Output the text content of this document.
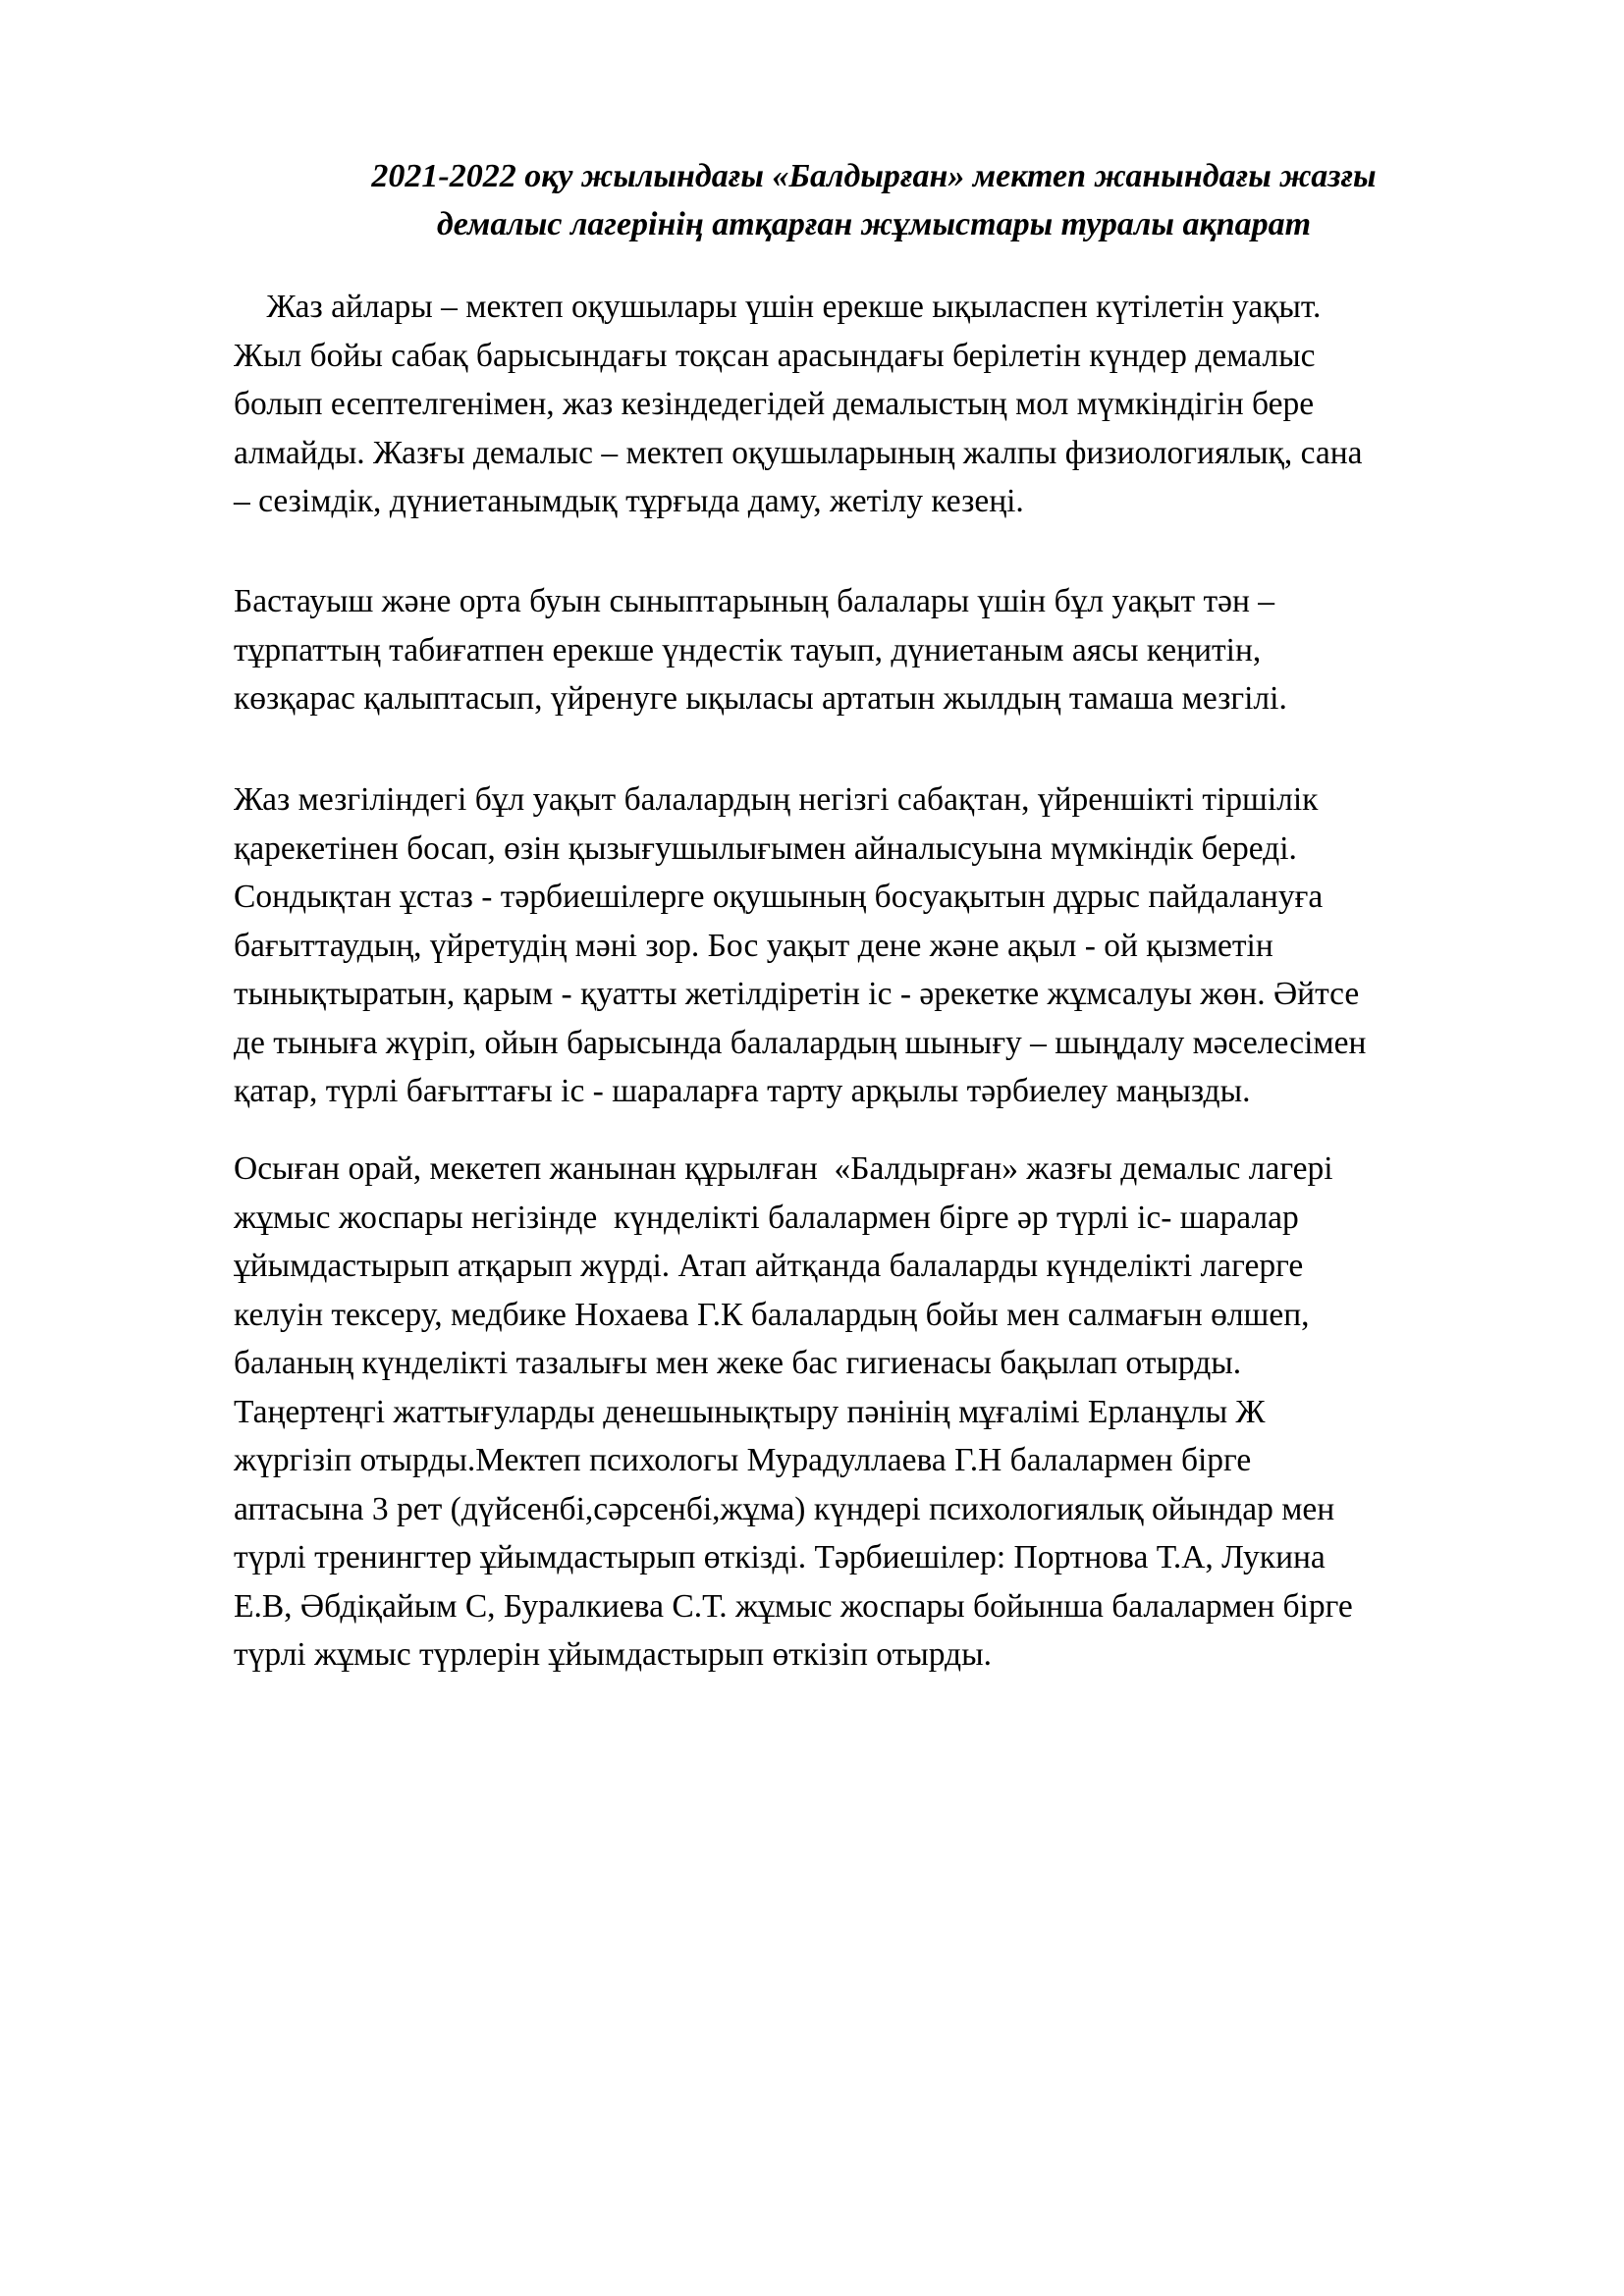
2021-2022 оқу жылындағы «Балдырған» мектеп жанындағы жазғы
демалыс лагерінің атқарған жұмыстары туралы ақпарат
Жаз айлары – мектеп оқушылары үшін ерекше ықыласпен күтілетін уақыт.
Жыл бойы сабақ барысындағы тоқсан арасындағы берілетін күндер демалыс
болып есептелгенімен, жаз кезіндедегідей демалыстың мол мүмкіндігін бере
алмайды. Жазғы демалыс – мектеп оқушыларының жалпы физиологиялық, сана
– сезімдік, дүниетанымдық тұрғыда даму, жетілу кезеңі.
Бастауыш және орта буын сыныптарының балалары үшін бұл уақыт тән –
тұрпаттың табиғатпен ерекше үндестік тауып, дүниетаным аясы кеңитін,
көзқарас қалыптасып, үйренуге ықыласы артатын жылдың тамаша мезгілі.
Жаз мезгіліндегі бұл уақыт балалардың негізгі сабақтан, үйреншікті тіршілік
қарекетінен босап, өзін қызығушылығымен айналысуына мүмкіндік береді.
Сондықтан ұстаз - тәрбиешілерге оқушының босуақытын дұрыс пайдалануға
бағыттаудың, үйретудің мәні зор. Бос уақыт дене және ақыл - ой қызметін
тынықтыратын, қарым - қуатты жетілдіретін іс - әрекетке жұмсалуы жөн. Әйтсе
де тынығa жүріп, ойын барысында балалардың шынығу – шыңдалу мәселесімен
қатар, түрлі бағыттағы іс - шараларға тарту арқылы тәрбиелеу маңызды.
Осыған орай, мекетеп жанынан құрылған  «Балдырған» жазғы демалыс лагері
жұмыс жоспары негізінде  күнделікті балалармен бірге әр түрлі іс- шаралар
ұйымдастырып атқарып жүрді. Атап айтқанда балаларды күнделікті лагерге
келуін тексеру, медбике Нохаева Г.К балалардың бойы мен салмағын өлшеп,
баланың күнделікті тазалығы мен жеке бас гигиенасы бақылап отырды.
Таңертеңгі жаттығуларды денешынықтыру пәнінің мұғалімі Ерланұлы Ж
жүргізіп отырды.Мектеп психологы Мурадуллаева Г.Н балалармен бірге
аптасына 3 рет (дүйсенбі,сәрсенбі,жұма) күндері психологиялық ойындар мен
түрлі тренингтер ұйымдастырып өткізді. Тәрбиешілер: Портнова Т.А, Лукина
Е.В, Әбдіқайым С, Буралкиева С.Т. жұмыс жоспары бойынша балалармен бірге
түрлі жұмыс түрлерін ұйымдастырып өткізіп отырды.
